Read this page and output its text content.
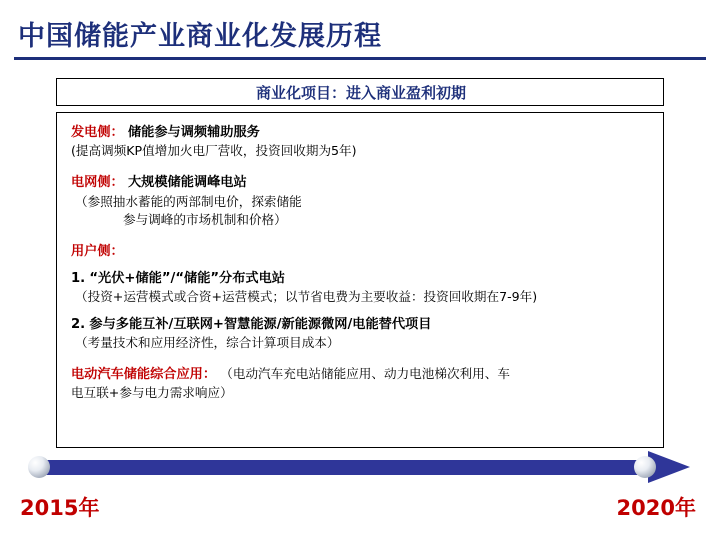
中国储能产业商业化发展历程
商业化项目：进入商业盈利初期
发电侧： 储能参与调频辅助服务
(提高调频KP值增加火电厂营收，投资回收期为5年)
电网侧： 大规模储能调峰电站
（参照抽水蓄能的两部制电价，探索储能
参与调峰的市场机制和价格）
用户侧：
1. “光伏+储能”/“储能”分布式电站
（投资+运营模式或合资+运营模式；以节省电费为主要收益：投资回收期在7-9年)
2. 参与多能互补/互联网+智慧能源/新能源微网/电能替代项目
（考量技术和应用经济性，综合计算项目成本）
电动汽车储能综合应用： （电动汽车充电站储能应用、动力电池梯次利用、车
电互联+参与电力需求响应）
2015年	2020年
